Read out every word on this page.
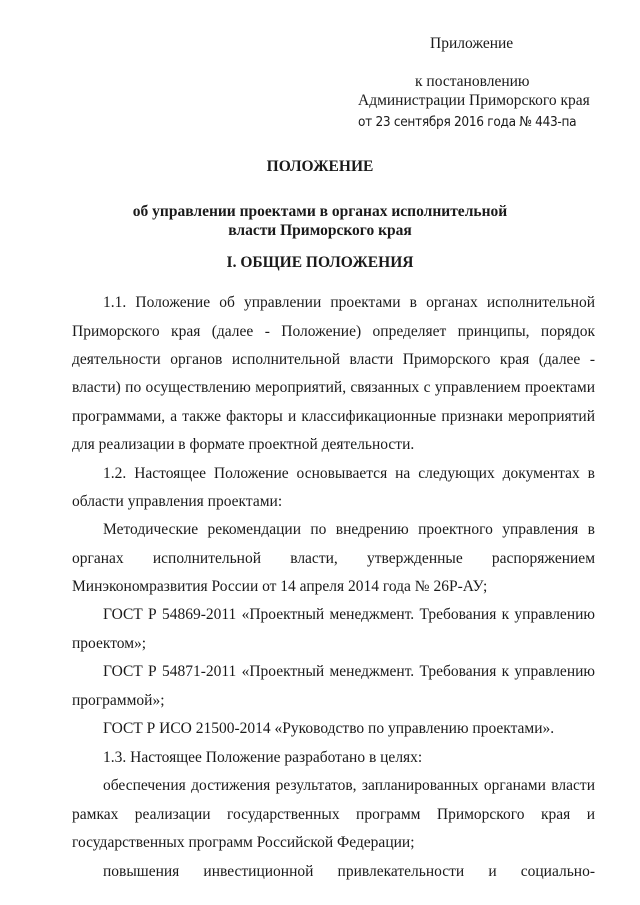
Приложение
к постановлению
Администрации Приморского края
от 23 сентября 2016 года № 443-па
ПОЛОЖЕНИЕ
об управлении проектами в органах исполнительной
власти Приморского края
I. ОБЩИЕ ПОЛОЖЕНИЯ
1.1. Положение об управлении проектами в органах исполнительной
Приморского края (далее - Положение) определяет принципы, порядок
деятельности органов исполнительной власти Приморского края (далее -
власти) по осуществлению мероприятий, связанных с управлением проектами
программами, а также факторы и классификационные признаки мероприятий
для реализации в формате проектной деятельности.
1.2. Настоящее Положение основывается на следующих документах в
области управления проектами:
Методические рекомендации по внедрению проектного управления в
органах исполнительной власти, утвержденные распоряжением
Минэкономразвития России от 14 апреля 2014 года № 26Р-АУ;
ГОСТ Р 54869-2011 «Проектный менеджмент. Требования к управлению
проектом»;
ГОСТ Р 54871-2011 «Проектный менеджмент. Требования к управлению
программой»;
ГОСТ Р ИСО 21500-2014 «Руководство по управлению проектами».
1.3. Настоящее Положение разработано в целях:
обеспечения достижения результатов, запланированных органами власти
рамках реализации государственных программ Приморского края и
государственных программ Российской Федерации;
повышения инвестиционной привлекательности и социально-
